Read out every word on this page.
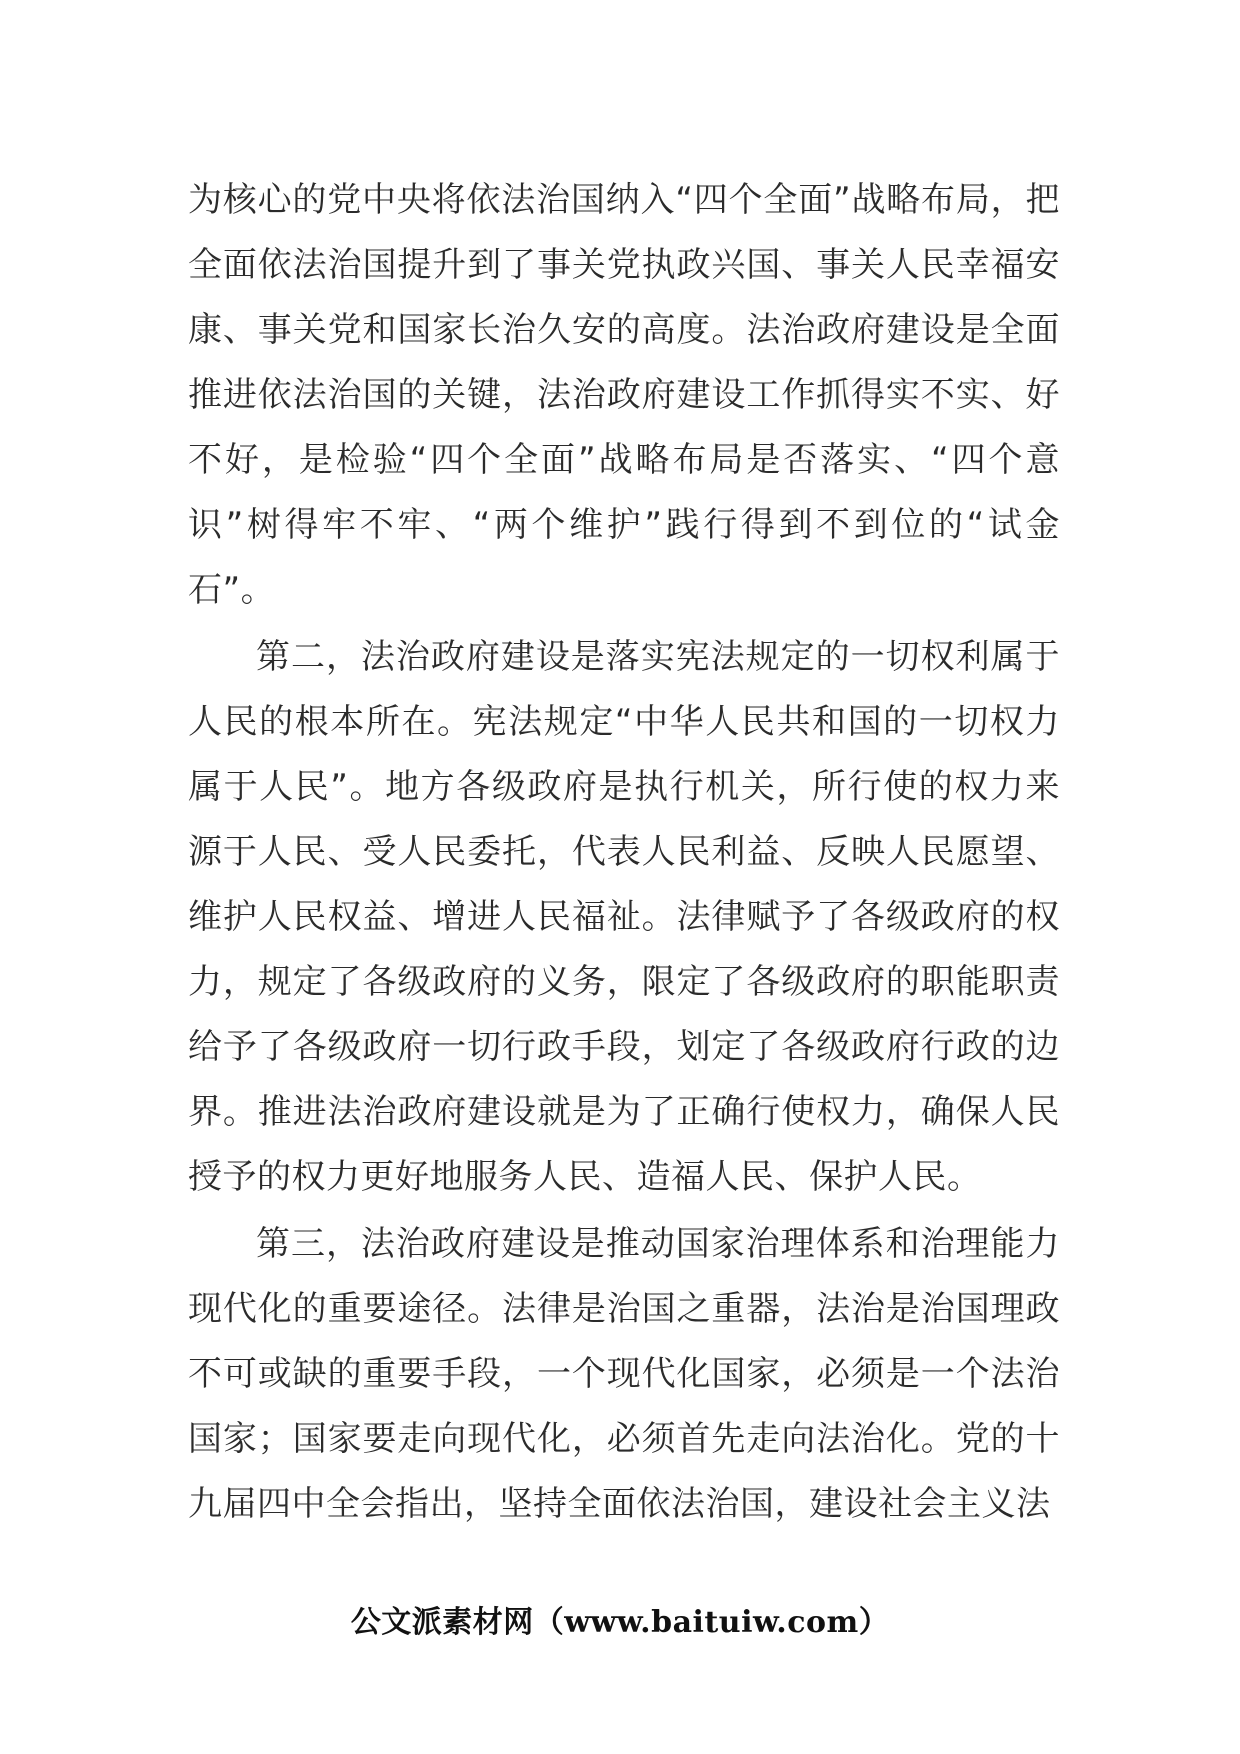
为核心的党中央将依法治国纳入“四个全面”战略布局，把全面依法治国提升到了事关党执政兴国、事关人民幸福安康、事关党和国家长治久安的高度。法治政府建设是全面推进依法治国的关键，法治政府建设工作抓得实不实、好不好，是检验“四个全面”战略布局是否落实、“四个意识”树得牢不牢、“两个维护”践行得到不到位的“试金石”。

第二，法治政府建设是落实宪法规定的一切权利属于人民的根本所在。宪法规定“中华人民共和国的一切权力属于人民”。地方各级政府是执行机关，所行使的权力来源于人民、受人民委托，代表人民利益、反映人民愿望、维护人民权益、增进人民福祉。法律赋予了各级政府的权力，规定了各级政府的义务，限定了各级政府的职能职责给予了各级政府一切行政手段，划定了各级政府行政的边界。推进法治政府建设就是为了正确行使权力，确保人民授予的权力更好地服务人民、造福人民、保护人民。

第三，法治政府建设是推动国家治理体系和治理能力现代化的重要途径。法律是治国之重器，法治是治国理政不可或缺的重要手段，一个现代化国家，必须是一个法治国家；国家要走向现代化，必须首先走向法治化。党的十九届四中全会指出，坚持全面依法治国，建设社会主义法

公文派素材网（www.baituiw.com）
